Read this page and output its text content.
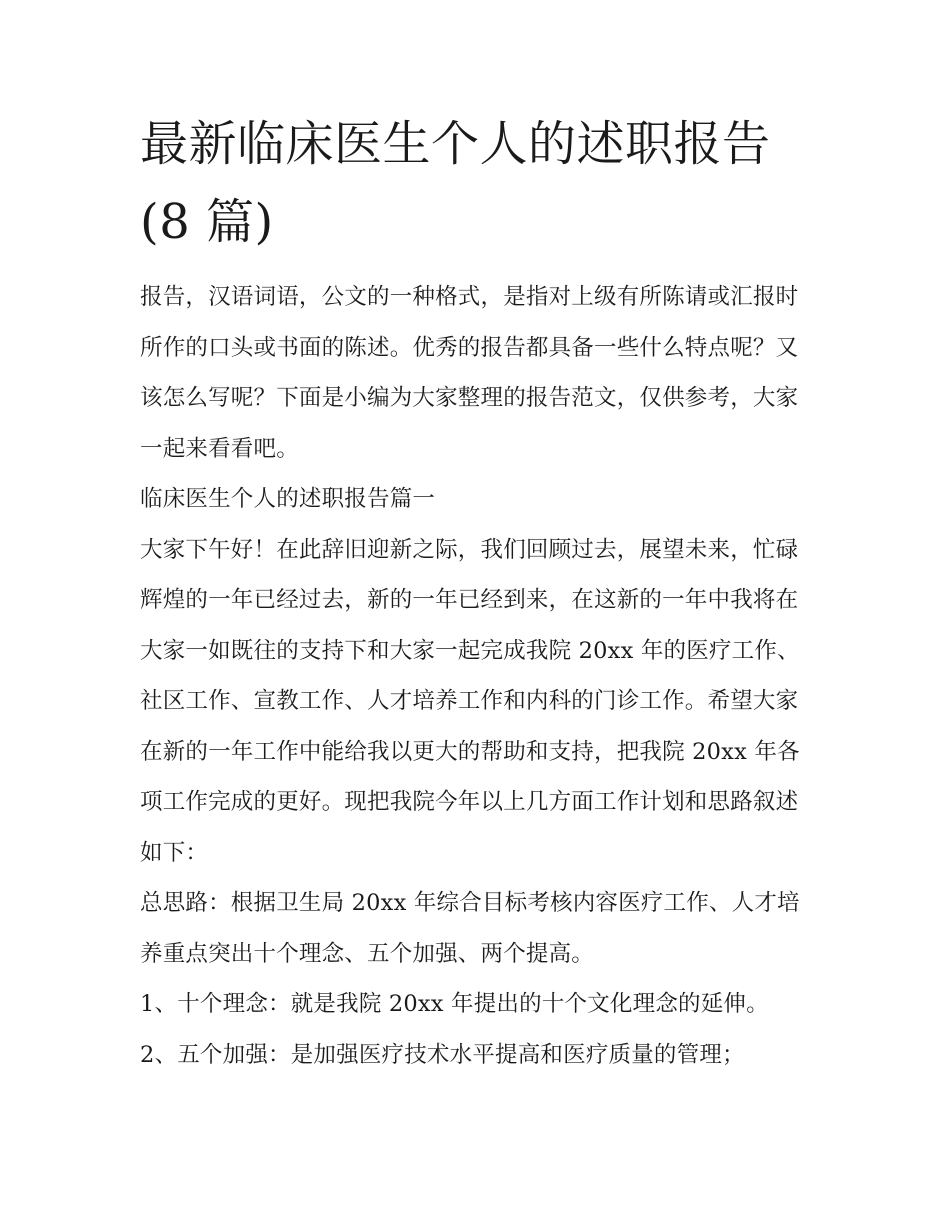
最新临床医生个人的述职报告
(8 篇)

报告，汉语词语，公文的一种格式，是指对上级有所陈请或汇报时所作的口头或书面的陈述。优秀的报告都具备一些什么特点呢？又该怎么写呢？下面是小编为大家整理的报告范文，仅供参考，大家一起来看看吧。

临床医生个人的述职报告篇一

大家下午好！在此辞旧迎新之际，我们回顾过去，展望未来，忙碌辉煌的一年已经过去，新的一年已经到来，在这新的一年中我将在大家一如既往的支持下和大家一起完成我院 20xx 年的医疗工作、社区工作、宣教工作、人才培养工作和内科的门诊工作。希望大家在新的一年工作中能给我以更大的帮助和支持，把我院 20xx 年各项工作完成的更好。现把我院今年以上几方面工作计划和思路叙述如下：

总思路：根据卫生局 20xx 年综合目标考核内容医疗工作、人才培养重点突出十个理念、五个加强、两个提高。

1、十个理念：就是我院 20xx 年提出的十个文化理念的延伸。

2、五个加强：是加强医疗技术水平提高和医疗质量的管理；
